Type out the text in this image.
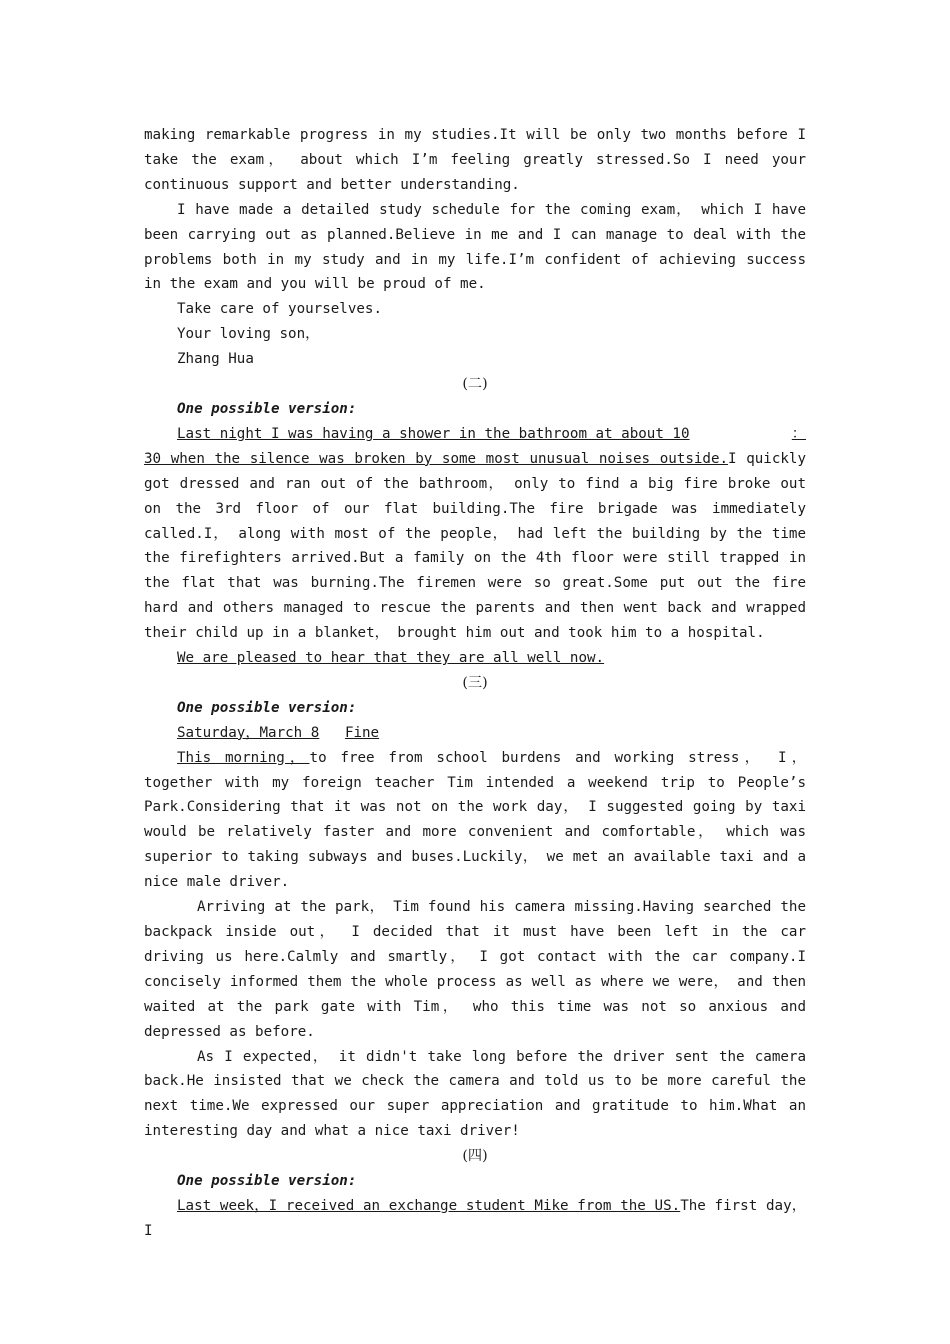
making remarkable progress in my studies.It will be only two months before I take the exam， about which I’m feeling greatly stressed.So I need your continuous support and better understanding.

I have made a detailed study schedule for the coming exam， which I have been carrying out as planned.Believe in me and I can manage to deal with the problems both in my study and in my life.I’m confident of achieving success in the exam and you will be proud of me.

Take care of yourselves.

Your loving son，

Zhang Hua

(二)

One possible version:

Last night I was having a shower in the bathroom at about 10	：

30 when the silence was broken by some most unusual noises outside.I quickly got dressed and ran out of the bathroom， only to find a big fire broke out on the 3rd floor of our flat building.The fire brigade was immediately called.I， along with most of the people， had left the building by the time the firefighters arrived.But a family on the 4th floor were still trapped in the flat that was burning.The firemen were so great.Some put out the fire hard and others managed to rescue the parents and then went back and wrapped their child up in a blanket， brought him out and took him to a hospital.

We are pleased to hear that they are all well now.

(三)

One possible version:

Saturday，March 8 Fine

This morning，to free from school burdens and working stress， I， together with my foreign teacher Tim intended a weekend trip to People’s Park.Considering that it was not on the work day， I suggested going by taxi would be relatively faster and more convenient and comfortable， which was superior to taking subways and buses.Luckily， we met an available taxi and a nice male driver.

Arriving at the park， Tim found his camera missing.Having searched the backpack inside out， I decided that it must have been left in the car driving us here.Calmly and smartly， I got contact with the car company.I concisely informed them the whole process as well as where we were， and then waited at the park gate with Tim， who this time was not so anxious and depressed as before.

As I expected， it didn't take long before the driver sent the camera back.He insisted that we check the camera and told us to be more careful the next time.We expressed our super appreciation and gratitude to him.What an interesting day and what a nice taxi driver!

(四)

One possible version:

Last week，I received an exchange student Mike from the US.The first day， I
